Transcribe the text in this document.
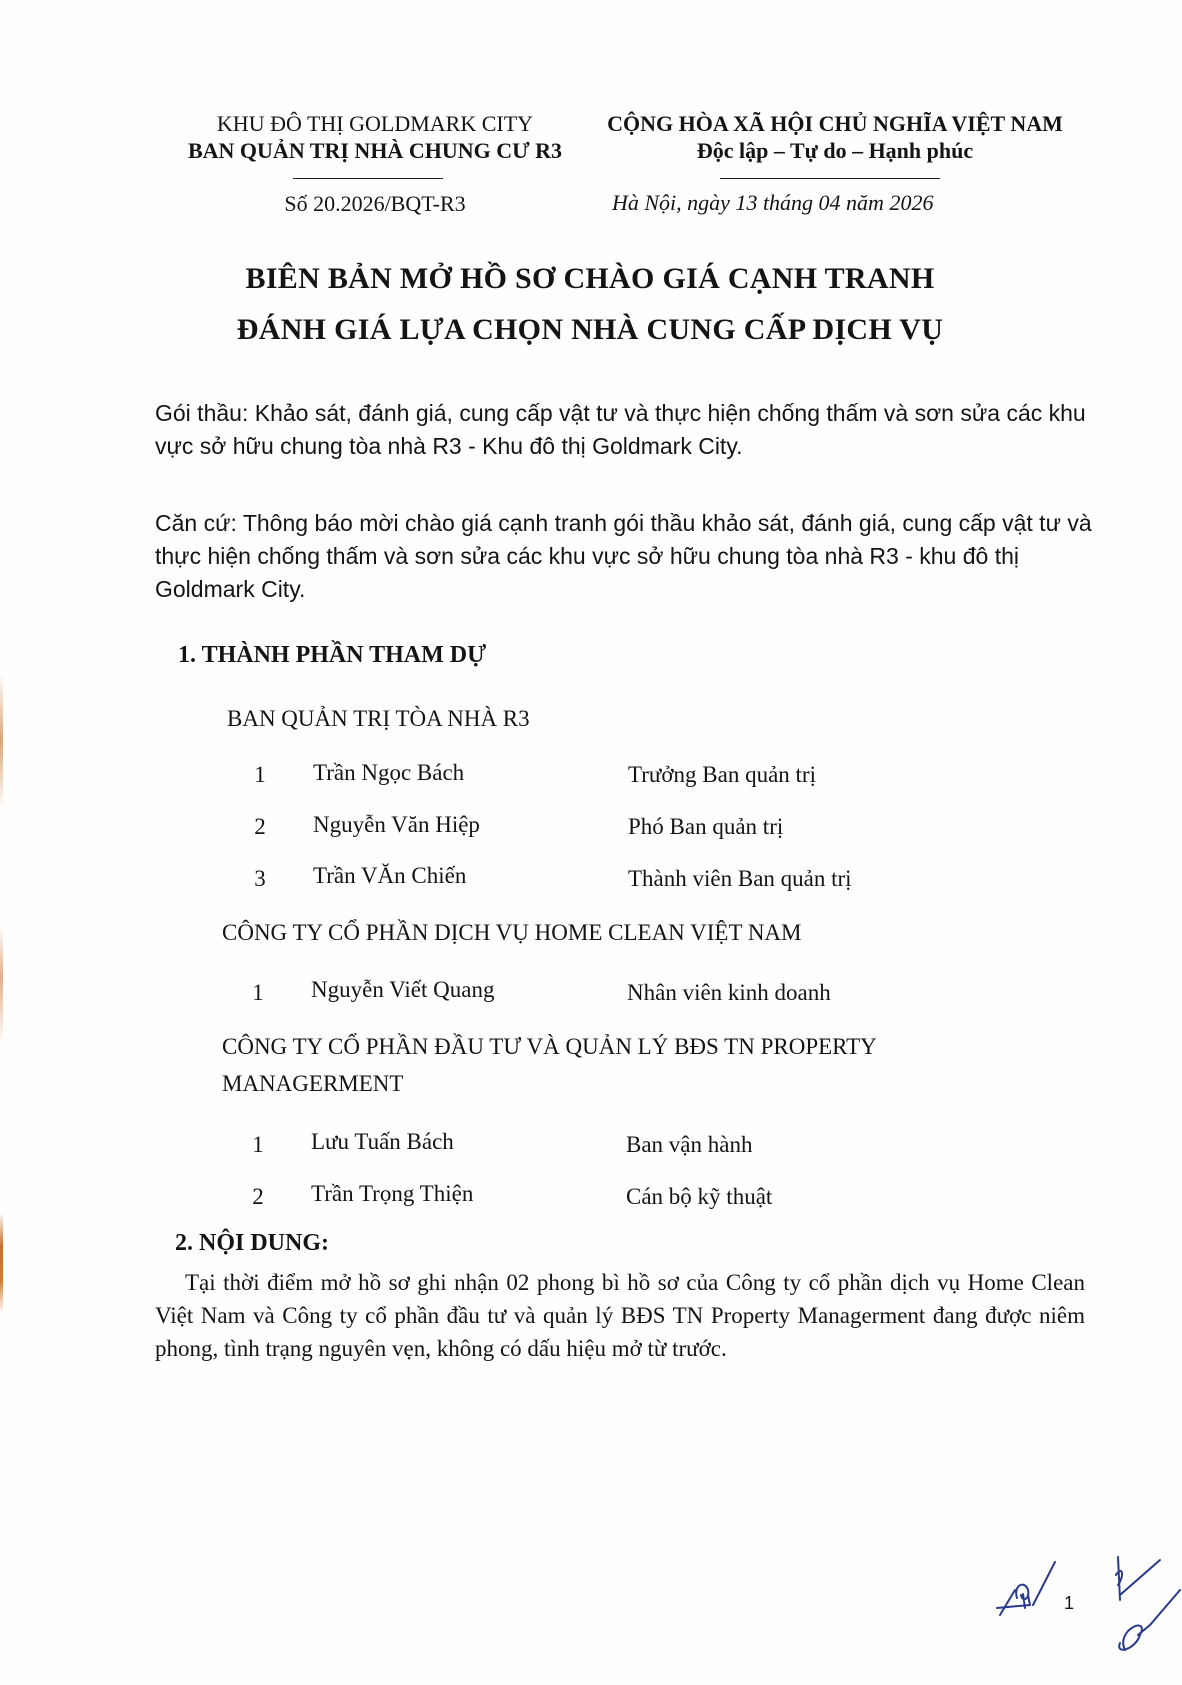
KHU ĐÔ THỊ GOLDMARK CITY
BAN QUẢN TRỊ NHÀ CHUNG CƯ R3
Số 20.2026/BQT-R3
CỘNG HÒA XÃ HỘI CHỦ NGHĨA VIỆT NAM
Độc lập – Tự do – Hạnh phúc
Hà Nội, ngày 13 tháng 04 năm 2026
BIÊN BẢN MỞ HỒ SƠ CHÀO GIÁ CẠNH TRANH
ĐÁNH GIÁ LỰA CHỌN NHÀ CUNG CẤP DỊCH VỤ
Gói thầu: Khảo sát, đánh giá, cung cấp vật tư và thực hiện chống thấm và sơn sửa các khu vực sở hữu chung tòa nhà R3 - Khu đô thị Goldmark City.
Căn cứ: Thông báo mời chào giá cạnh tranh gói thầu khảo sát, đánh giá, cung cấp vật tư và thực hiện chống thấm và sơn sửa các khu vực sở hữu chung tòa nhà R3 - khu đô thị Goldmark City.
1. THÀNH PHẦN THAM DỰ
BAN QUẢN TRỊ TÒA NHÀ R3
1	Trần Ngọc Bách	Trưởng Ban quản trị
2	Nguyễn Văn Hiệp	Phó Ban quản trị
3	Trần VĂn Chiến	Thành viên Ban quản trị
CÔNG TY CỔ PHẦN DỊCH VỤ HOME CLEAN VIỆT NAM
1	Nguyễn Viết Quang	Nhân viên kinh doanh
CÔNG TY CỔ PHẦN ĐẦU TƯ VÀ QUẢN LÝ BĐS TN PROPERTY
MANAGERMENT
1	Lưu Tuấn Bách	Ban vận hành
2	Trần Trọng Thiện	Cán bộ kỹ thuật
2. NỘI DUNG:
Tại thời điểm mở hồ sơ ghi nhận 02 phong bì hồ sơ của Công ty cổ phần dịch vụ Home Clean Việt Nam và Công ty cổ phần đầu tư và quản lý BĐS TN Property Managerment đang được niêm phong, tình trạng nguyên vẹn, không có dấu hiệu mở từ trước.
1
